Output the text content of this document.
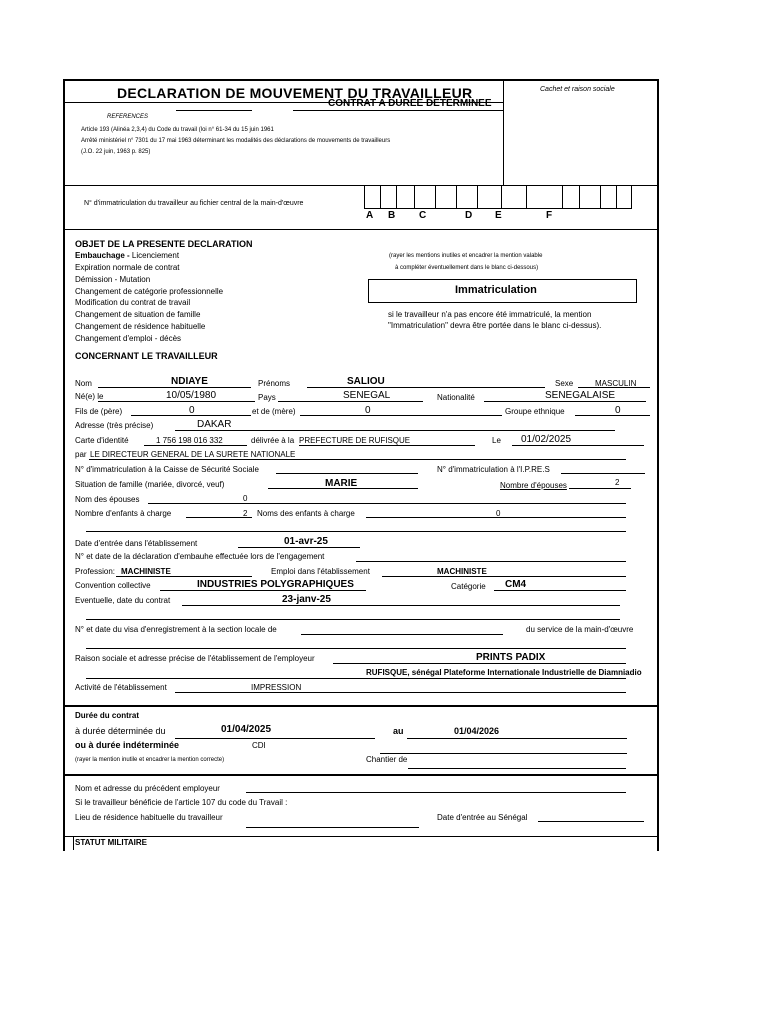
DECLARATION DE MOUVEMENT DU TRAVAILLEUR
CONTRAT A DUREE DETERMINEE
Cachet et raison sociale
REFERENCES
Article 193 (Alinéa 2,3,4) du Code du travail (loi n° 61-34 du 15 juin 1961
Arrêté ministériel n° 7301 du 17 mai 1963 déterminant les modalités des déclarations de mouvements de travailleurs
(J.O. 22 juin, 1963 p. 825)
N° d'immatriculation du travailleur au fichier central de la main-d'œuvre
A B C	D E	F
OBJET DE LA PRESENTE DECLARATION
Embauchage - Licenciement
Expiration normale de contrat
Démission - Mutation
Changement de catégorie professionnelle
Modification du contrat de travail
Changement de situation de famille
Changement de résidence habituelle
Changement d'emploi - décès
(rayer les mentions inutiles et encadrer la mention valable
à compléter éventuellement dans le blanc ci-dessous)
Immatriculation
si le travailleur n'a pas encore été immatriculé, la mention
"Immatriculation" devra être portée dans le blanc ci-dessus).
CONCERNANT LE TRAVAILLEUR
Nom	NDIAYE	Prénoms	SALIOU	Sexe	MASCULIN
Né(e) le	10/05/1980	Pays	SENEGAL	Nationalité	SENEGALAISE
Fils de (père)	0	et de (mère)	0	Groupe ethnique	0
Adresse (très précise)	DAKAR
Carte d'identité	1 756 198 016 332	délivrée à la PREFECTURE DE RUFISQUE	Le 01/02/2025
par LE DIRECTEUR GENERAL DE LA SURETE NATIONALE
N° d'immatriculation à la Caisse de Sécurité Sociale	N° d'immatriculation à l'I.P.RE.S
Situation de famille (mariée, divorcé, veuf)	MARIE	Nombre d'épouses	2
Nom des épouses	0
Nombre d'enfants à charge	2 Noms des enfants à charge	0
Date d'entrée dans l'établissement	01-avr-25
N° et date de la déclaration d'embauhe effectuée lors de l'engagement
Profession: MACHINISTE	Emploi dans l'établissement	MACHINISTE
Convention collective	INDUSTRIES POLYGRAPHIQUES	Catégorie CM4
Eventuelle, date du contrat	23-janv-25
N° et date du visa d'enregistrement à la section locale de	du service de la main-d'œuvre
Raison sociale et adresse précise de l'établissement de l'employeur	PRINTS PADIX
RUFISQUE, sénégal Plateforme Internationale Industrielle de Diamniadio
Activité de l'établissement	IMPRESSION
Durée du contrat
à durée déterminée du	01/04/2025	au	01/04/2026
ou à durée indéterminée	CDI
(rayer la mention inutile et encadrer la mention correcte)	Chantier de
Nom et adresse du précédent employeur
Si le travailleur bénéficie de l'article 107 du code du Travail :
Lieu de résidence habituelle du travailleur	Date d'entrée au Sénégal
STATUT MILITAIRE
